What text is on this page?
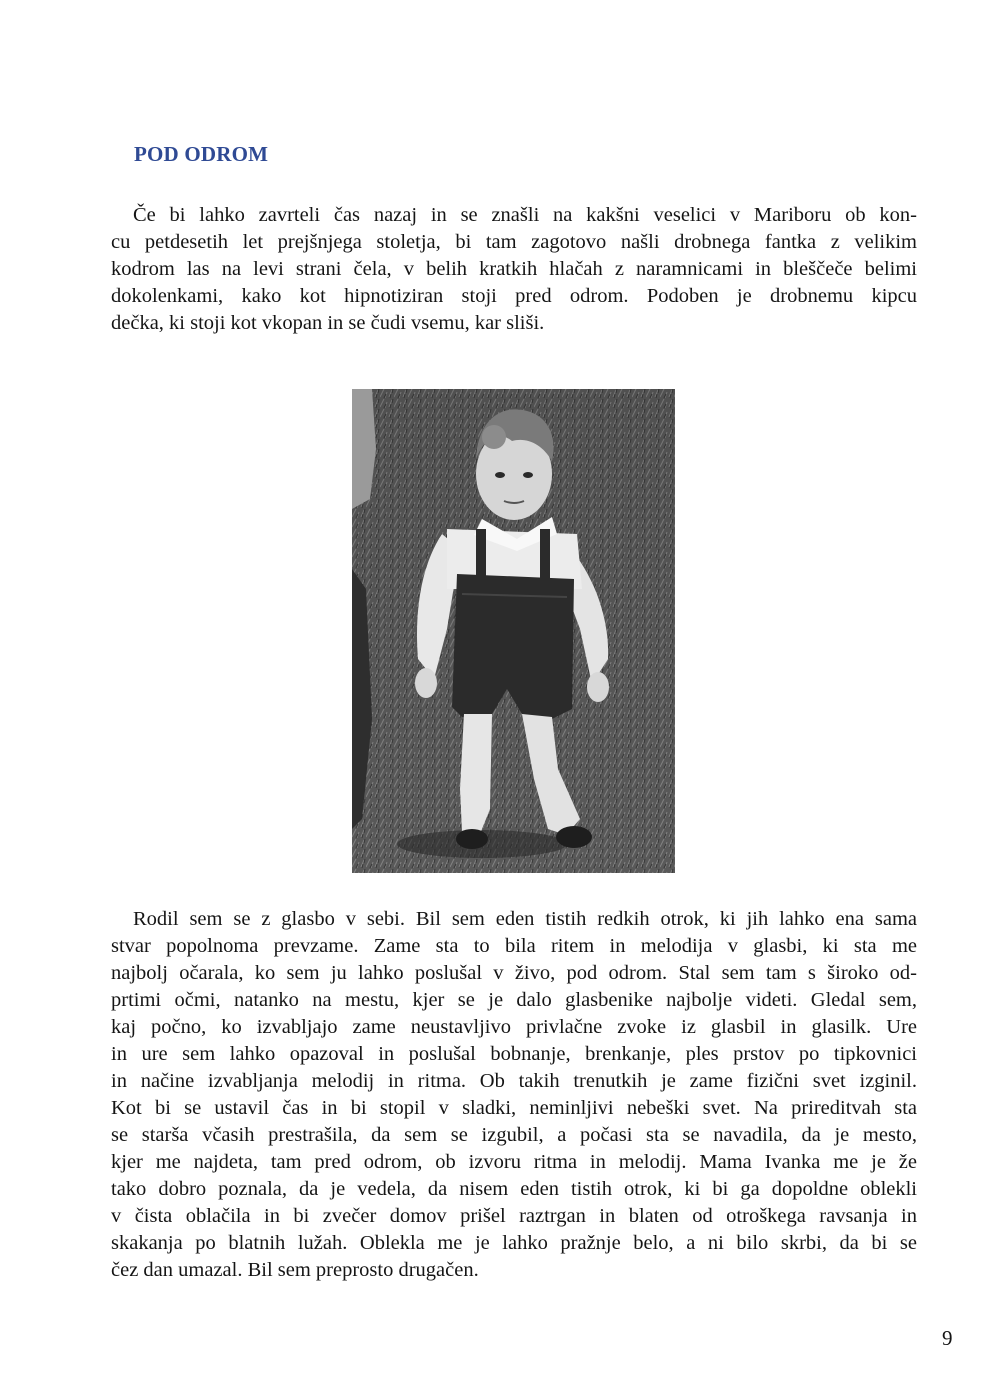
POD ODROM
Če bi lahko zavrteli čas nazaj in se znašli na kakšni veselici v Mariboru ob kon-
cu petdesetih let prejšnjega stoletja, bi tam zagotovo našli drobnega fantka z velikim
kodrom las na levi strani čela, v belih kratkih hlačah z naramnicami in bleščeče belimi
dokolenkami, kako kot hipnotiziran stoji pred odrom. Podoben je drobnemu kipcu
dečka, ki stoji kot vkopan in se čudi vsemu, kar sliši.
Rodil sem se z glasbo v sebi. Bil sem eden tistih redkih otrok, ki jih lahko ena sama
stvar popolnoma prevzame. Zame sta to bila ritem in melodija v glasbi, ki sta me
najbolj očarala, ko sem ju lahko poslušal v živo, pod odrom. Stal sem tam s široko od-
prtimi očmi, natanko na mestu, kjer se je dalo glasbenike najbolje videti. Gledal sem,
kaj počno, ko izvabljajo zame neustavljivo privlačne zvoke iz glasbil in glasilk. Ure
in ure sem lahko opazoval in poslušal bobnanje, brenkanje, ples prstov po tipkovnici
in načine izvabljanja melodij in ritma. Ob takih trenutkih je zame fizični svet izginil.
Kot bi se ustavil čas in bi stopil v sladki, neminljivi nebeški svet. Na prireditvah sta
se starša včasih prestrašila, da sem se izgubil, a počasi sta se navadila, da je mesto,
kjer me najdeta, tam pred odrom, ob izvoru ritma in melodij. Mama Ivanka me je že
tako dobro poznala, da je vedela, da nisem eden tistih otrok, ki bi ga dopoldne oblekli
v čista oblačila in bi zvečer domov prišel raztrgan in blaten od otroškega ravsanja in
skakanja po blatnih lužah. Oblekla me je lahko pražnje belo, a ni bilo skrbi, da bi se
čez dan umazal. Bil sem preprosto drugačen.
9
